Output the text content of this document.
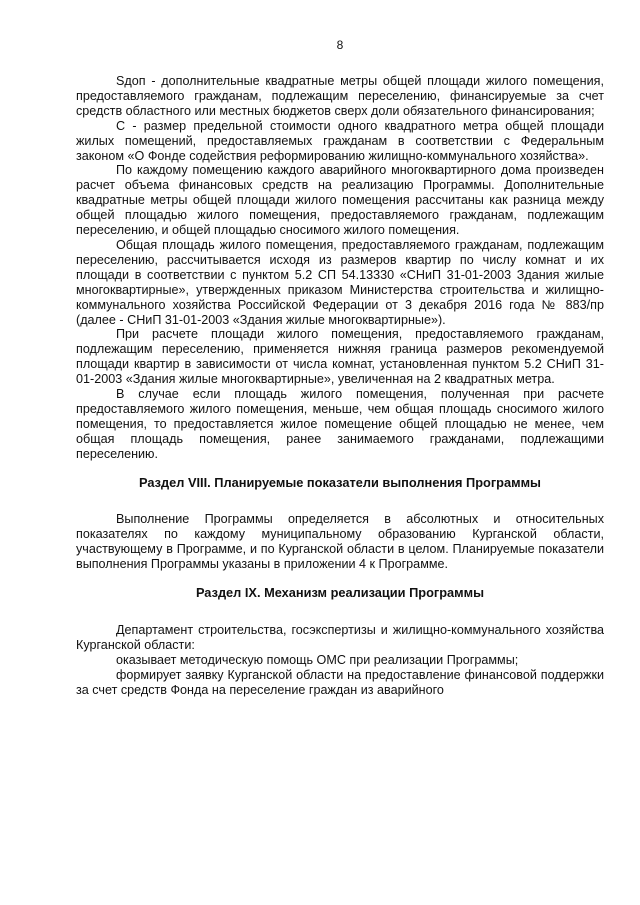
8

Sдоп - дополнительные квадратные метры общей площади жилого помещения, предоставляемого гражданам, подлежащим переселению, финансируемые за счет средств областного или местных бюджетов сверх доли обязательного финансирования;

С - размер предельной стоимости одного квадратного метра общей площади жилых помещений, предоставляемых гражданам в соответствии с Федеральным законом «О Фонде содействия реформированию жилищно-коммунального хозяйства».

По каждому помещению каждого аварийного многоквартирного дома произведен расчет объема финансовых средств на реализацию Программы. Дополнительные квадратные метры общей площади жилого помещения рассчитаны как разница между общей площадью жилого помещения, предоставляемого гражданам, подлежащим переселению, и общей площадью сносимого жилого помещения.

Общая площадь жилого помещения, предоставляемого гражданам, подлежащим переселению, рассчитывается исходя из размеров квартир по числу комнат и их площади в соответствии с пунктом 5.2 СП 54.13330 «СНиП 31-01-2003 Здания жилые многоквартирные», утвержденных приказом Министерства строительства и жилищно-коммунального хозяйства Российской Федерации от 3 декабря 2016 года № 883/пр (далее - СНиП 31-01-2003 «Здания жилые многоквартирные»).

При расчете площади жилого помещения, предоставляемого гражданам, подлежащим переселению, применяется нижняя граница размеров рекомендуемой площади квартир в зависимости от числа комнат, установленная пунктом 5.2 СНиП 31-01-2003 «Здания жилые многоквартирные», увеличенная на 2 квадратных метра.

В случае если площадь жилого помещения, полученная при расчете предоставляемого жилого помещения, меньше, чем общая площадь сносимого жилого помещения, то предоставляется жилое помещение общей площадью не менее, чем общая площадь помещения, ранее занимаемого гражданами, подлежащими переселению.

Раздел VIII. Планируемые показатели выполнения Программы

Выполнение Программы определяется в абсолютных и относительных показателях по каждому муниципальному образованию Курганской области, участвующему в Программе, и по Курганской области в целом. Планируемые показатели выполнения Программы указаны в приложении 4 к Программе.

Раздел IX. Механизм реализации Программы

Департамент строительства, госэкспертизы и жилищно-коммунального хозяйства Курганской области:

оказывает методическую помощь ОМС при реализации Программы;

формирует заявку Курганской области на предоставление финансовой поддержки за счет средств Фонда на переселение граждан из аварийного
